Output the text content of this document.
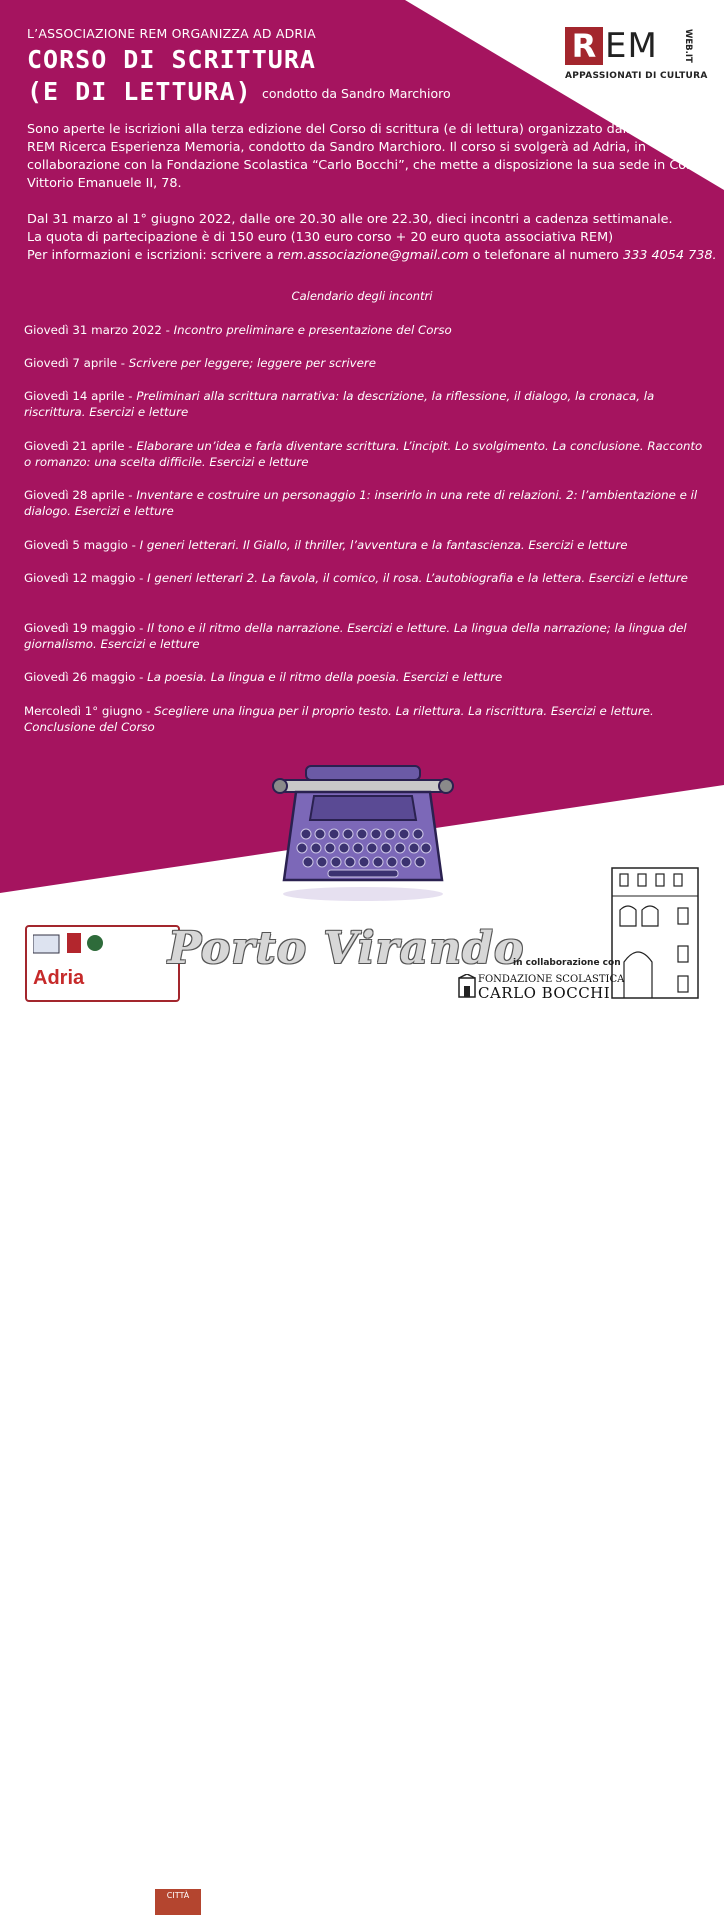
L’ASSOCIAZIONE REM ORGANIZZA AD ADRIA
CORSO DI SCRITTURA
(E DI LETTURA) condotto da Sandro Marchioro
R EM	WEB.IT
APPASSIONATI DI CULTURA
Sono aperte le iscrizioni alla terza edizione del Corso di scrittura (e di lettura) organizzato dall’associazione REM Ricerca Esperienza Memoria, condotto da Sandro Marchioro. Il corso si svolgerà ad Adria, in collaborazione con la Fondazione Scolastica “Carlo Bocchi”, che mette a disposizione la sua sede in Corso Vittorio Emanuele II, 78.
Dal 31 marzo al 1° giugno 2022, dalle ore 20.30 alle ore 22.30, dieci incontri a cadenza settimanale.
La quota di partecipazione è di 150 euro (130 euro corso + 20 euro quota associativa REM)
Per informazioni e iscrizioni: scrivere a rem.associazione@gmail.com o telefonare al numero 333 4054 738.
Calendario degli incontri
Giovedì 31 marzo 2022 - Incontro preliminare e presentazione del Corso
Giovedì 7 aprile - Scrivere per leggere; leggere per scrivere
Giovedì 14 aprile - Preliminari alla scrittura narrativa: la descrizione, la riflessione, il dialogo, la cronaca, la riscrittura. Esercizi e letture
Giovedì 21 aprile - Elaborare un’idea e farla diventare scrittura. L’incipit. Lo svolgimento. La conclusione. Racconto o romanzo: una scelta difficile. Esercizi e letture
Giovedì 28 aprile - Inventare e costruire un personaggio 1: inserirlo in una rete di relazioni. 2: l’ambientazione e il dialogo. Esercizi e letture
Giovedì 5 maggio - I generi letterari. Il Giallo, il thriller, l’avventura e la fantascienza. Esercizi e letture
Giovedì 12 maggio - I generi letterari 2. La favola, il comico, il rosa. L’autobiografia e la lettera. Esercizi e letture
Giovedì 19 maggio - Il tono e il ritmo della narrazione. Esercizi e letture. La lingua della narrazione; la lingua del giornalismo. Esercizi e letture
Giovedì 26 maggio - La poesia. La lingua e il ritmo della poesia. Esercizi e letture
Mercoledì 1° giugno - Scegliere una lingua per il proprio testo. La rilettura. La riscrittura. Esercizi e letture. Conclusione del Corso
Adria
CITTÀ
Porto Virando
in collaborazione con
FONDAZIONE SCOLASTICA
CARLO BOCCHI
